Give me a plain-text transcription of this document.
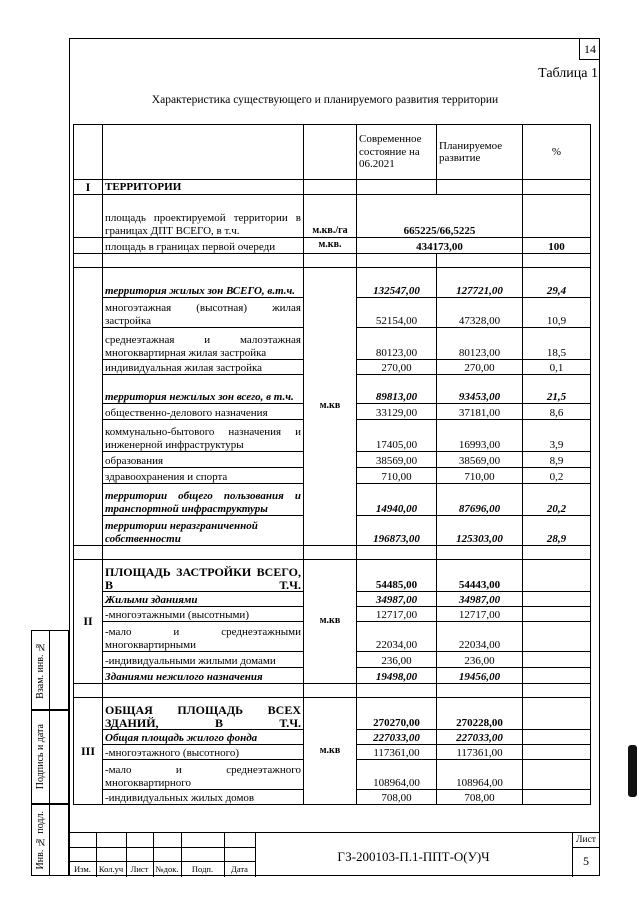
14
Таблица 1
Характеристика существующего и планируемого развития территории
			Современное состояние на 06.2021	Планируемое развитие	%
I	ТЕРРИТОРИИ				
	площадь проектируемой территории в границах ДПТ ВСЕГО, в т.ч.	м.кв./га	665225/66,5225		
	площадь в границах первой очереди	м.кв.	434173,00		100

	территория жилых зон ВСЕГО, в.т.ч.	м.кв	132547,00	127721,00	29,4
	многоэтажная (высотная) жилая застройка		52154,00	47328,00	10,9
	среднеэтажная и малоэтажная многоквартирная жилая застройка		80123,00	80123,00	18,5
	индивидуальная жилая застройка		270,00	270,00	0,1
	территория нежилых зон всего, в т.ч.		89813,00	93453,00	21,5
	общественно-делового назначения		33129,00	37181,00	8,6
	коммунально-бытового назначения и инженерной инфраструктуры		17405,00	16993,00	3,9
	образования		38569,00	38569,00	8,9
	здравоохранения и спорта		710,00	710,00	0,2
	территории общего пользования и транспортной инфраструктуры		14940,00	87696,00	20,2
	территории неразграниченной собственности		196873,00	125303,00	28,9

II	ПЛОЩАДЬ ЗАСТРОЙКИ ВСЕГО, В Т.Ч.	м.кв	54485,00	54443,00	
	Жилыми зданиями		34987,00	34987,00	
	-многоэтажными (высотными)		12717,00	12717,00	
	-мало и среднеэтажными многоквартирными		22034,00	22034,00	
	-индивидуальными жилыми домами		236,00	236,00	
	Зданиями нежилого назначения		19498,00	19456,00	

III	ОБЩАЯ ПЛОЩАДЬ ВСЕХ ЗДАНИЙ, В Т.Ч.	м.кв	270270,00	270228,00	
	Общая площадь жилого фонда		227033,00	227033,00	
	-многоэтажного (высотного)		117361,00	117361,00	
	-мало и среднеэтажного многоквартирного		108964,00	108964,00	
	-индивидуальных жилых домов		708,00	708,00	
Взам. инв. №
Подпись и дата
Инв. № подл.	Изм. Кол.уч Лист №док.	Подп.	Дата
ГЗ-200103-П.1-ППТ-О(У)Ч
Лист
5
